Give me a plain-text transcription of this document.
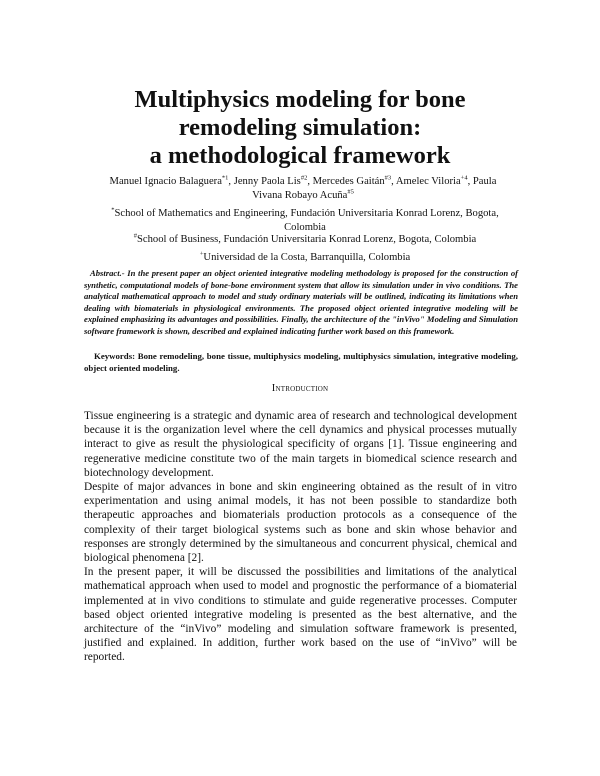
Multiphysics modeling for bone
remodeling simulation:
a methodological framework
Manuel Ignacio Balaguera$^{*1}$, Jenny Paola Lis$^{\#2}$, Mercedes Gaitán$^{\#3}$, Amelec Viloria$^{+4}$, Paula Vivana Robayo Acuña$^{\#5}$
*School of Mathematics and Engineering, Fundación Universitaria Konrad Lorenz, Bogota, Colombia
#School of Business, Fundación Universitaria Konrad Lorenz, Bogota, Colombia
+Universidad de la Costa, Barranquilla, Colombia

Abstract.- In the present paper an object oriented integrative modeling methodology is proposed for the construction of synthetic, computational models of bone-bone environment system that allow its simulation under in vivo conditions. The analytical mathematical approach to model and study ordinary materials will be outlined, indicating its limitations when dealing with biomaterials in physiological environments. The proposed object oriented integrative modeling will be explained emphasizing its advantages and possibilities. Finally, the architecture of the "inVivo" Modeling and Simulation software framework is shown, described and explained indicating further work based on this framework.

Keywords: Bone remodeling, bone tissue, multiphysics modeling, multiphysics simulation, integrative modeling, object oriented modeling.

Introduction

Tissue engineering is a strategic and dynamic area of research and technological development because it is the organization level where the cell dynamics and physical processes mutually interact to give as result the physiological specificity of organs [1]. Tissue engineering and regenerative medicine constitute two of the main targets in biomedical science research and biotechnology development.

Despite of major advances in bone and skin engineering obtained as the result of in vitro experimentation and using animal models, it has not been possible to standardize both therapeutic approaches and biomaterials production protocols as a consequence of the complexity of their target biological systems such as bone and skin whose behavior and responses are strongly determined by the simultaneous and concurrent physical, chemical and biological phenomena [2].

In the present paper, it will be discussed the possibilities and limitations of the analytical mathematical approach when used to model and prognostic the performance of a biomaterial implemented at in vivo conditions to stimulate and guide regenerative processes. Computer based object oriented integrative modeling is presented as the best alternative, and the architecture of the “inVivo” modeling and simulation software framework is presented, justified and explained. In addition, further work based on the use of “inVivo” will be reported.
